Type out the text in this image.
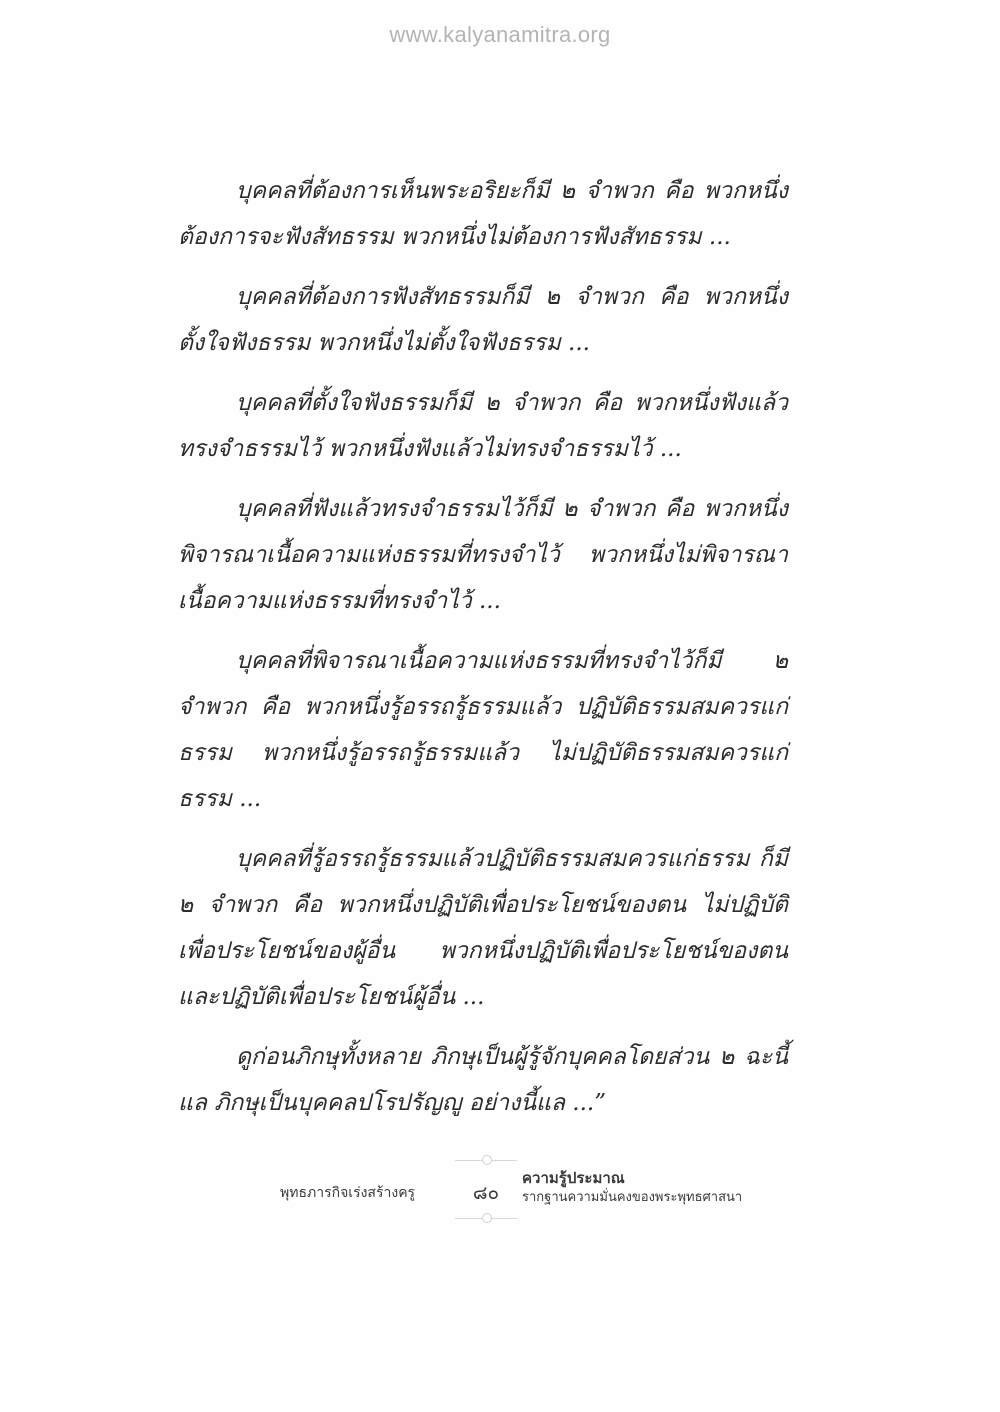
www.kalyanamitra.org

บุคคลที่ต้องการเห็นพระอริยะก็มี ๒ จำพวก คือ พวกหนึ่งต้องการจะฟังสัทธรรม พวกหนึ่งไม่ต้องการฟังสัทธรรม ...

บุคคลที่ต้องการฟังสัทธรรมก็มี ๒ จำพวก คือ พวกหนึ่งตั้งใจฟังธรรม พวกหนึ่งไม่ตั้งใจฟังธรรม ...

บุคคลที่ตั้งใจฟังธรรมก็มี ๒ จำพวก คือ พวกหนึ่งฟังแล้วทรงจำธรรมไว้ พวกหนึ่งฟังแล้วไม่ทรงจำธรรมไว้ ...

บุคคลที่ฟังแล้วทรงจำธรรมไว้ก็มี ๒ จำพวก คือ พวกหนึ่งพิจารณาเนื้อความแห่งธรรมที่ทรงจำไว้ พวกหนึ่งไม่พิจารณาเนื้อความแห่งธรรมที่ทรงจำไว้ ...

บุคคลที่พิจารณาเนื้อความแห่งธรรมที่ทรงจำไว้ก็มี ๒ จำพวก คือ พวกหนึ่งรู้อรรถรู้ธรรมแล้ว ปฏิบัติธรรมสมควรแก่ธรรม พวกหนึ่งรู้อรรถรู้ธรรมแล้ว ไม่ปฏิบัติธรรมสมควรแก่ธรรม ...

บุคคลที่รู้อรรถรู้ธรรมแล้วปฏิบัติธรรมสมควรแก่ธรรม ก็มี ๒ จำพวก คือ พวกหนึ่งปฏิบัติเพื่อประโยชน์ของตน ไม่ปฏิบัติเพื่อประโยชน์ของผู้อื่น พวกหนึ่งปฏิบัติเพื่อประโยชน์ของตนและปฏิบัติเพื่อประโยชน์ผู้อื่น ...

ดูก่อนภิกษุทั้งหลาย ภิกษุเป็นผู้รู้จักบุคคลโดยส่วน ๒ ฉะนี้แล ภิกษุเป็นบุคคลปโรปรัญญู อย่างนี้แล ...”

พุทธภารกิจเร่งสร้างครู	๘๐
ความรู้ประมาณ
รากฐานความมั่นคงของพระพุทธศาสนา
